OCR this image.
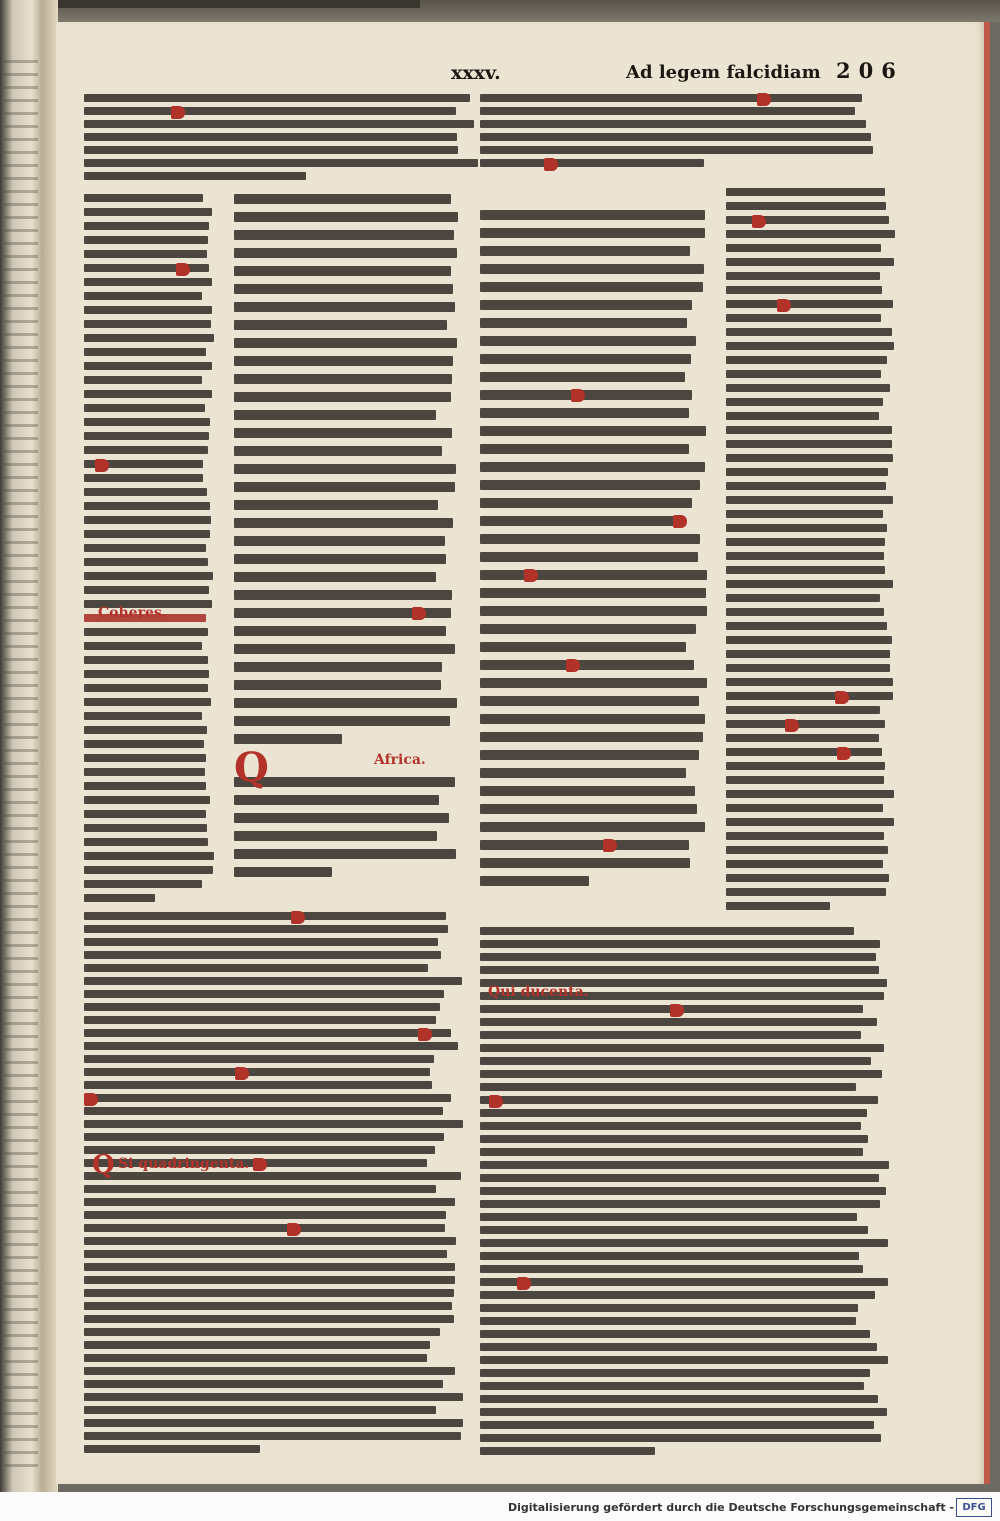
xxxv.	Ad legem falcidiam 206
Q	Africa.
Coheres.
Qui ducenta.
Q Si quadringenta.
Digitalisierung gefördert durch die Deutsche Forschungsgemeinschaft - DFG
